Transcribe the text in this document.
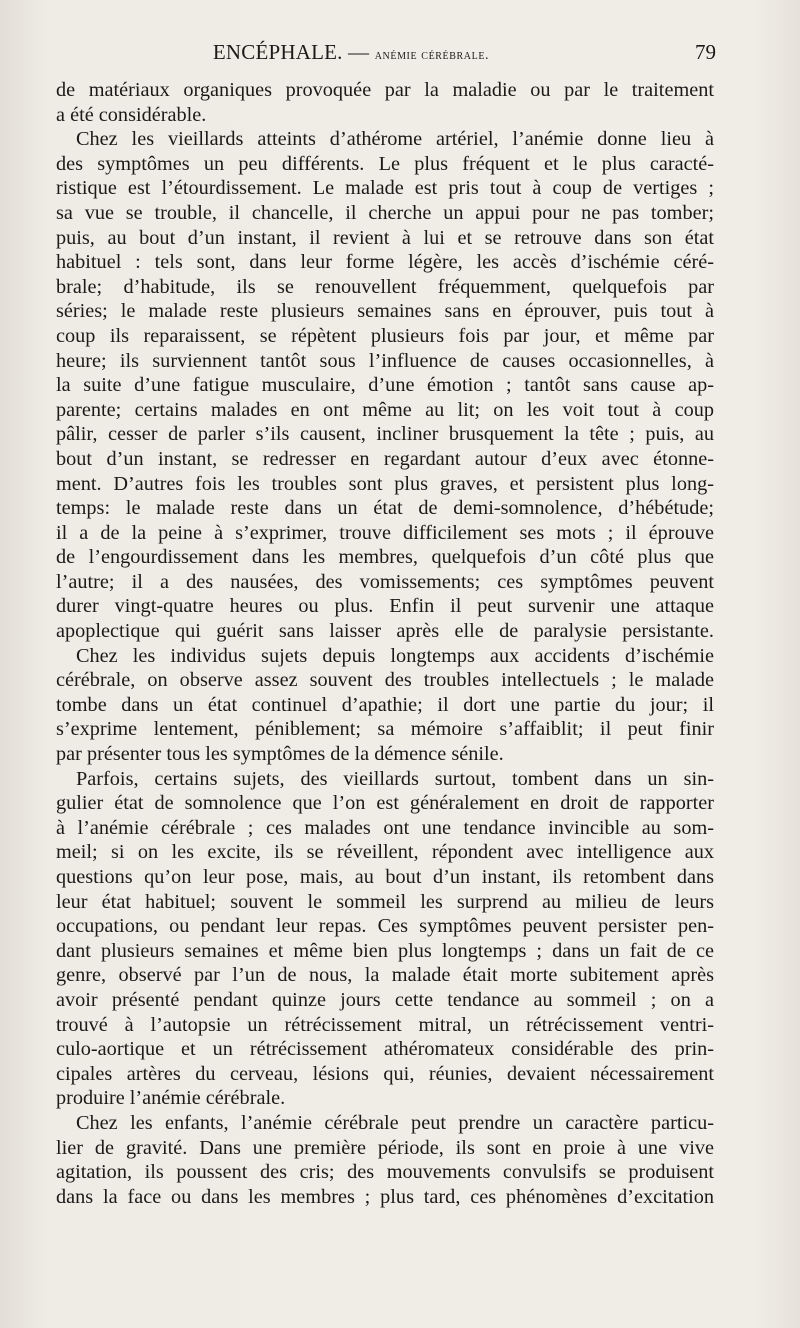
ENCÉPHALE. — anémie cérébrale.	79
de matériaux organiques provoquée par la maladie ou par le traitement
a été considérable.
Chez les vieillards atteints d’athérome artériel, l’anémie donne lieu à
des symptômes un peu différents. Le plus fréquent et le plus caracté-
ristique est l’étourdissement. Le malade est pris tout à coup de vertiges ;
sa vue se trouble, il chancelle, il cherche un appui pour ne pas tomber;
puis, au bout d’un instant, il revient à lui et se retrouve dans son état
habituel : tels sont, dans leur forme légère, les accès d’ischémie céré-
brale; d’habitude, ils se renouvellent fréquemment, quelquefois par
séries; le malade reste plusieurs semaines sans en éprouver, puis tout à
coup ils reparaissent, se répètent plusieurs fois par jour, et même par
heure; ils surviennent tantôt sous l’influence de causes occasionnelles, à
la suite d’une fatigue musculaire, d’une émotion ; tantôt sans cause ap-
parente; certains malades en ont même au lit; on les voit tout à coup
pâlir, cesser de parler s’ils causent, incliner brusquement la tête ; puis, au
bout d’un instant, se redresser en regardant autour d’eux avec étonne-
ment. D’autres fois les troubles sont plus graves, et persistent plus long-
temps: le malade reste dans un état de demi-somnolence, d’hébétude;
il a de la peine à s’exprimer, trouve difficilement ses mots ; il éprouve
de l’engourdissement dans les membres, quelquefois d’un côté plus que
l’autre; il a des nausées, des vomissements; ces symptômes peuvent
durer vingt-quatre heures ou plus. Enfin il peut survenir une attaque
apoplectique qui guérit sans laisser après elle de paralysie persistante.
Chez les individus sujets depuis longtemps aux accidents d’ischémie
cérébrale, on observe assez souvent des troubles intellectuels ; le malade
tombe dans un état continuel d’apathie; il dort une partie du jour; il
s’exprime lentement, péniblement; sa mémoire s’affaiblit; il peut finir
par présenter tous les symptômes de la démence sénile.
Parfois, certains sujets, des vieillards surtout, tombent dans un sin-
gulier état de somnolence que l’on est généralement en droit de rapporter
à l’anémie cérébrale ; ces malades ont une tendance invincible au som-
meil; si on les excite, ils se réveillent, répondent avec intelligence aux
questions qu’on leur pose, mais, au bout d’un instant, ils retombent dans
leur état habituel; souvent le sommeil les surprend au milieu de leurs
occupations, ou pendant leur repas. Ces symptômes peuvent persister pen-
dant plusieurs semaines et même bien plus longtemps ; dans un fait de ce
genre, observé par l’un de nous, la malade était morte subitement après
avoir présenté pendant quinze jours cette tendance au sommeil ; on a
trouvé à l’autopsie un rétrécissement mitral, un rétrécissement ventri-
culo-aortique et un rétrécissement athéromateux considérable des prin-
cipales artères du cerveau, lésions qui, réunies, devaient nécessairement
produire l’anémie cérébrale.
Chez les enfants, l’anémie cérébrale peut prendre un caractère particu-
lier de gravité. Dans une première période, ils sont en proie à une vive
agitation, ils poussent des cris; des mouvements convulsifs se produisent
dans la face ou dans les membres ; plus tard, ces phénomènes d’excitation
